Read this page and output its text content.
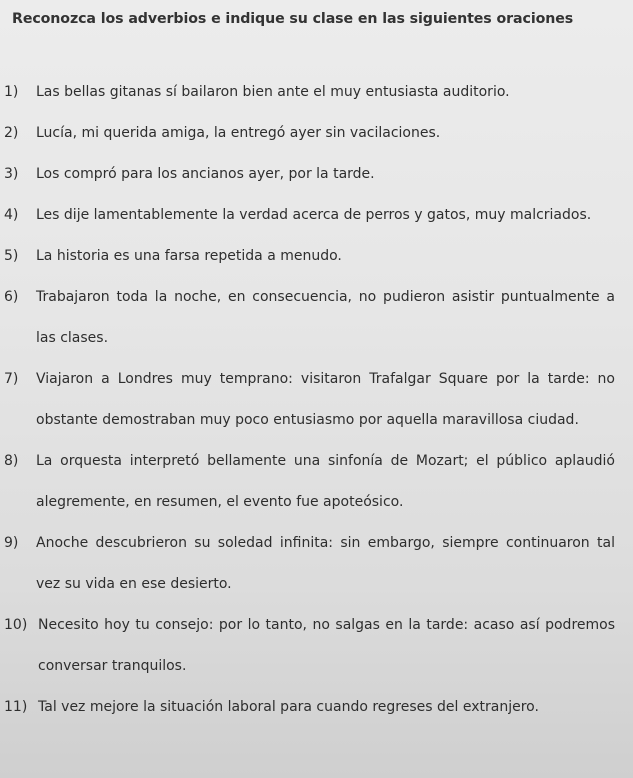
Reconozca los adverbios e indique su clase en las siguientes oraciones
1)	Las bellas gitanas sí bailaron bien ante el muy entusiasta auditorio.
2)	Lucía, mi querida amiga, la entregó ayer sin vacilaciones.
3)	Los compró para los ancianos ayer, por la tarde.
4)	Les dije lamentablemente la verdad acerca de perros y gatos, muy malcriados.
5)	La historia es una farsa repetida a menudo.
6)	Trabajaron toda la noche, en consecuencia, no pudieron asistir puntualmente a las clases.
7)	Viajaron a Londres muy temprano: visitaron Trafalgar Square por la tarde: no obstante demostraban muy poco entusiasmo por aquella maravillosa ciudad.
8)	La orquesta interpretó bellamente una sinfonía de Mozart; el público aplaudió alegremente, en resumen, el evento fue apoteósico.
9)	Anoche descubrieron su soledad infinita: sin embargo, siempre continuaron tal vez su vida en ese desierto.
10) Necesito hoy tu consejo: por lo tanto, no salgas en la tarde: acaso así podremos conversar tranquilos.
11) Tal vez mejore la situación laboral para cuando regreses del extranjero.
